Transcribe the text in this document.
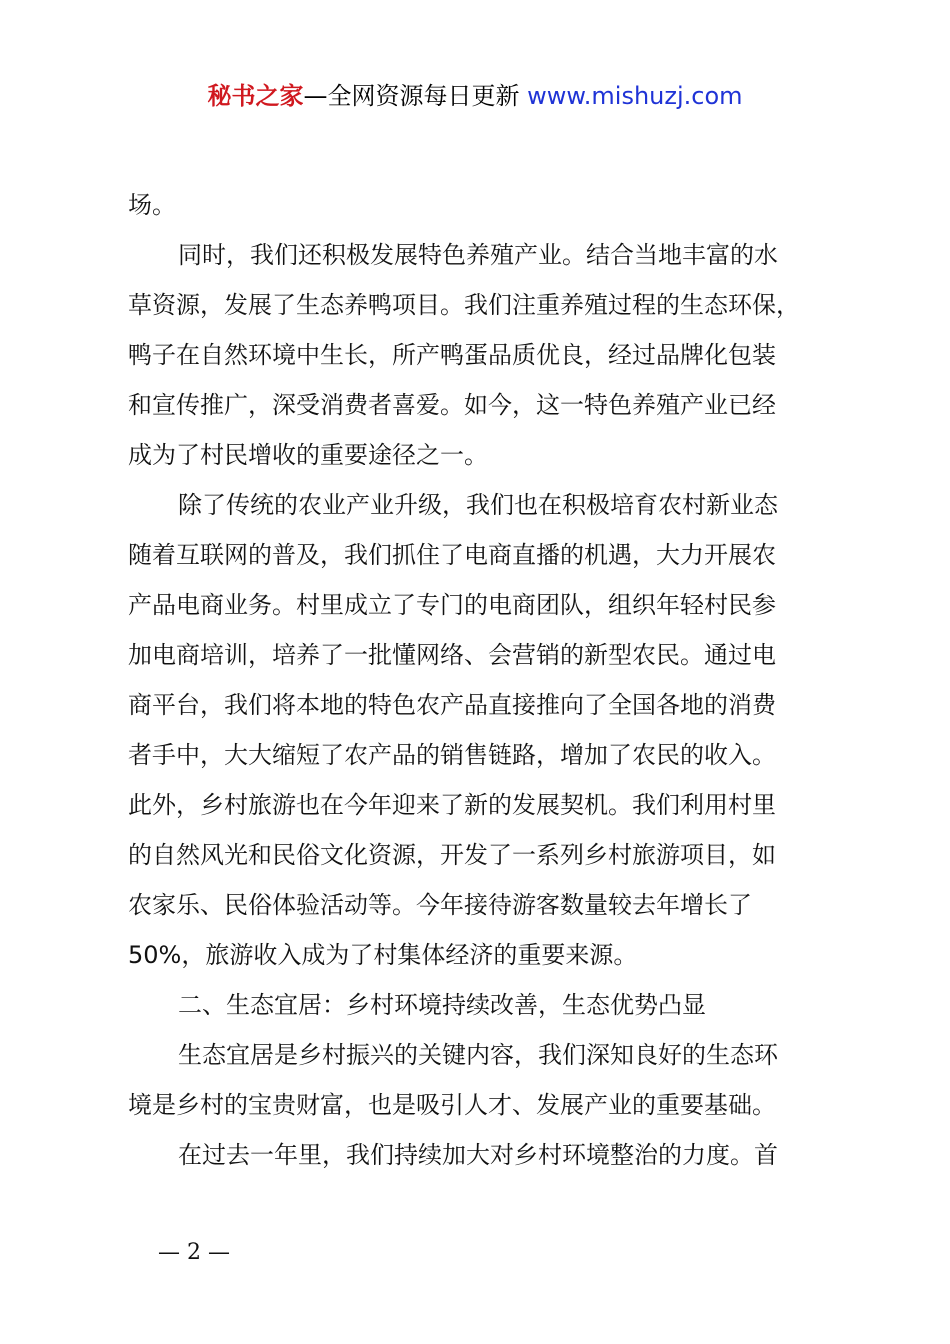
秘书之家—全网资源每日更新 www.mishuzj.com

场。

同时，我们还积极发展特色养殖产业。结合当地丰富的水

草资源，发展了生态养鸭项目。我们注重养殖过程的生态环保，

鸭子在自然环境中生长，所产鸭蛋品质优良，经过品牌化包装

和宣传推广，深受消费者喜爱。如今，这一特色养殖产业已经

成为了村民增收的重要途径之一。

除了传统的农业产业升级，我们也在积极培育农村新业态

随着互联网的普及，我们抓住了电商直播的机遇，大力开展农

产品电商业务。村里成立了专门的电商团队，组织年轻村民参

加电商培训，培养了一批懂网络、会营销的新型农民。通过电

商平台，我们将本地的特色农产品直接推向了全国各地的消费

者手中，大大缩短了农产品的销售链路，增加了农民的收入。

此外，乡村旅游也在今年迎来了新的发展契机。我们利用村里

的自然风光和民俗文化资源，开发了一系列乡村旅游项目，如

农家乐、民俗体验活动等。今年接待游客数量较去年增长了

50%，旅游收入成为了村集体经济的重要来源。

二、生态宜居：乡村环境持续改善，生态优势凸显

生态宜居是乡村振兴的关键内容，我们深知良好的生态环

境是乡村的宝贵财富，也是吸引人才、发展产业的重要基础。

在过去一年里，我们持续加大对乡村环境整治的力度。首

— 2 —
